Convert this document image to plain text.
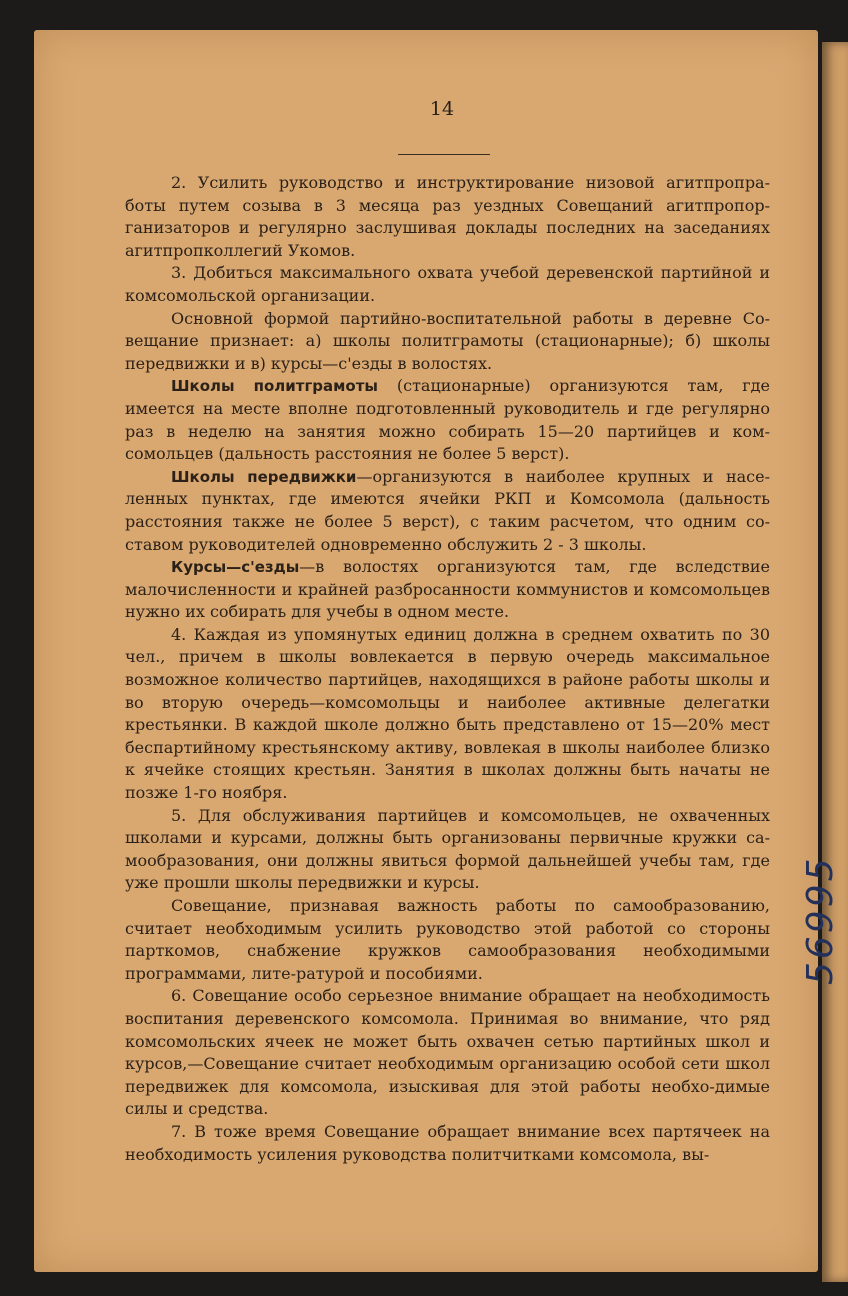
14

2. Усилить руководство и инструктирование низовой агитпропра-боты путем созыва в 3 месяца раз уездных Совещаний агитпропор-ганизаторов и регулярно заслушивая доклады последних на заседаниях агитпропколлегий Укомов.

3. Добиться максимального охвата учебой деревенской партийной и комсомольской организации.

Основной формой партийно-воспитательной работы в деревне Со-вещание признает: а) школы политграмоты (стационарные); б) школы передвижки и в) курсы—с'езды в волостях.

Школы политграмоты (стационарные) организуются там, где имеется на месте вполне подготовленный руководитель и где регулярно раз в неделю на занятия можно собирать 15—20 партийцев и ком-сомольцев (дальность расстояния не более 5 верст).

Школы передвижки—организуются в наиболее крупных и насе-ленных пунктах, где имеются ячейки РКП и Комсомола (дальность расстояния также не более 5 верст), с таким расчетом, что одним со-ставом руководителей одновременно обслужить 2 - 3 школы.

Курсы—с'езды—в волостях организуются там, где вследствие малочисленности и крайней разбросанности коммунистов и комсомольцев нужно их собирать для учебы в одном месте.

4. Каждая из упомянутых единиц должна в среднем охватить по 30 чел., причем в школы вовлекается в первую очередь максимальное возможное количество партийцев, находящихся в районе работы школы и во вторую очередь—комсомольцы и наиболее активные делегатки крестьянки. В каждой школе должно быть представлено от 15—20% мест беспартийному крестьянскому активу, вовлекая в школы наиболее близко к ячейке стоящих крестьян. Занятия в школах должны быть начаты не позже 1-го ноября.

5. Для обслуживания партийцев и комсомольцев, не охваченных школами и курсами, должны быть организованы первичные кружки са-мообразования, они должны явиться формой дальнейшей учебы там, где уже прошли школы передвижки и курсы.

Совещание, признавая важность работы по самообразованию, считает необходимым усилить руководство этой работой со стороны парткомов, снабжение кружков самообразования необходимыми программами, лите-ратурой и пособиями.

6. Совещание особо серьезное внимание обращает на необходимость воспитания деревенского комсомола. Принимая во внимание, что ряд комсомольских ячеек не может быть охвачен сетью партийных школ и курсов,—Совещание считает необходимым организацию особой сети школ передвижек для комсомола, изыскивая для этой работы необхо-димые силы и средства.

7. В тоже время Совещание обращает внимание всех партячеек на необходимость усиления руководства политчитками комсомола, вы-

56995
